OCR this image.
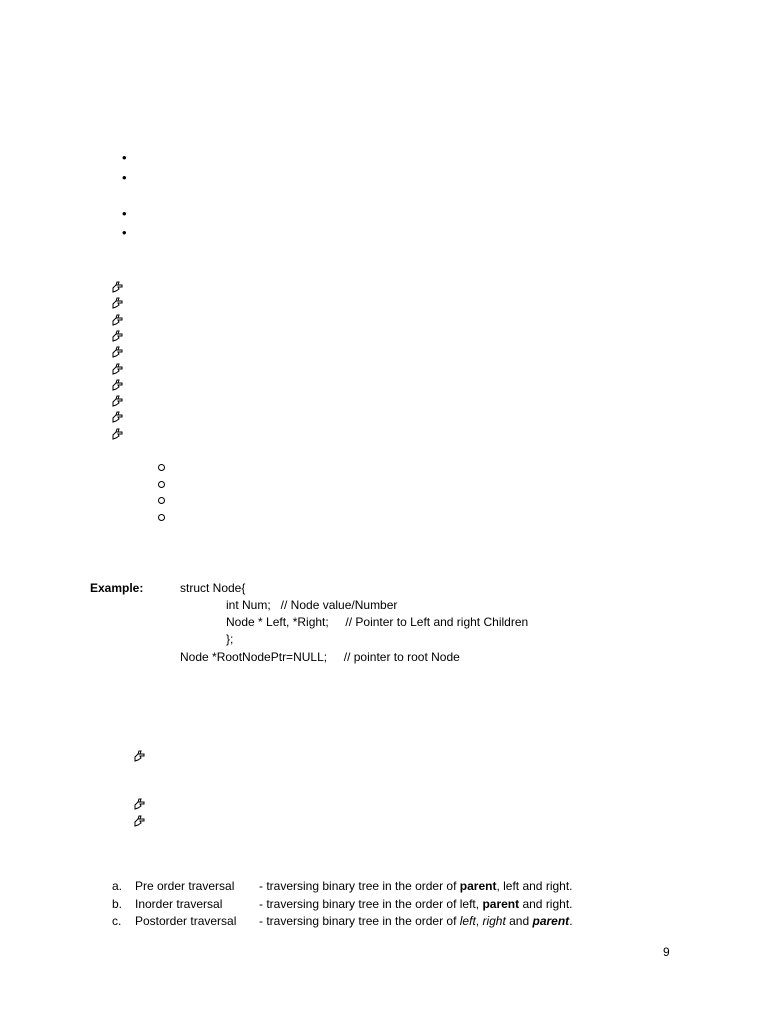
•
•
•
•
Example:	struct Node{
int Num;   // Node value/Number
Node * Left, *Right;     // Pointer to Left and right Children
};
Node *RootNodePtr=NULL;     // pointer to root Node
a. Pre order traversal - traversing binary tree in the order of parent, left and right.
b. Inorder traversal	- traversing binary tree in the order of left, parent and right.
c. Postorder traversal - traversing binary tree in the order of left, right and parent.
9
